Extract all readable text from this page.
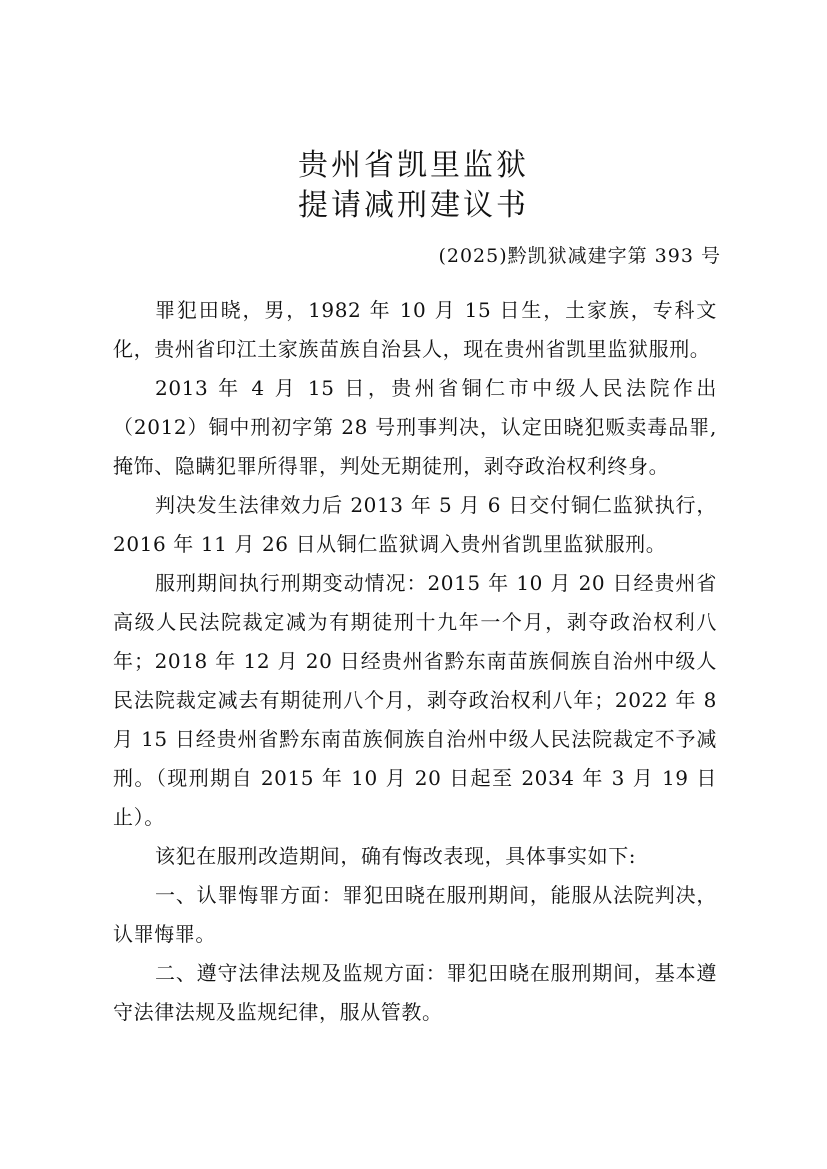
贵州省凯里监狱
提请减刑建议书
(2025)黔凯狱减建字第 393 号

罪犯田晓，男，1982 年 10 月 15 日生，土家族，专科文化，贵州省印江土家族苗族自治县人，现在贵州省凯里监狱服刑。

2013 年 4 月 15 日，贵州省铜仁市中级人民法院作出（2012）铜中刑初字第 28 号刑事判决，认定田晓犯贩卖毒品罪,掩饰、隐瞒犯罪所得罪，判处无期徒刑，剥夺政治权利终身。

判决发生法律效力后 2013 年 5 月 6 日交付铜仁监狱执行，2016 年 11 月 26 日从铜仁监狱调入贵州省凯里监狱服刑。

服刑期间执行刑期变动情况：2015 年 10 月 20 日经贵州省高级人民法院裁定减为有期徒刑十九年一个月，剥夺政治权利八年；2018 年 12 月 20 日经贵州省黔东南苗族侗族自治州中级人民法院裁定减去有期徒刑八个月，剥夺政治权利八年；2022 年 8 月 15 日经贵州省黔东南苗族侗族自治州中级人民法院裁定不予减刑。（现刑期自 2015 年 10 月 20 日起至 2034 年 3 月 19 日止）。

该犯在服刑改造期间，确有悔改表现，具体事实如下:

一、认罪悔罪方面：罪犯田晓在服刑期间，能服从法院判决，认罪悔罪。

二、遵守法律法规及监规方面：罪犯田晓在服刑期间，基本遵守法律法规及监规纪律，服从管教。
